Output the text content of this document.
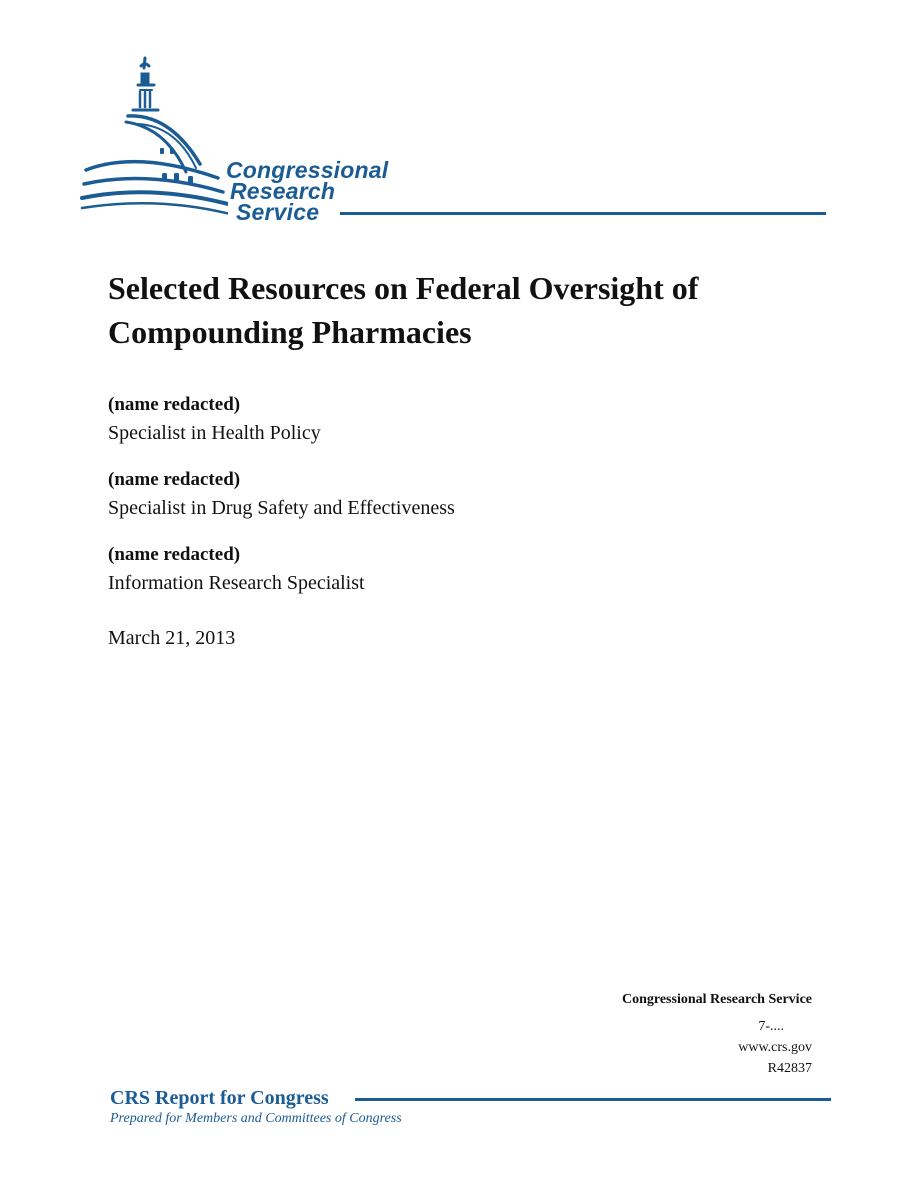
Congressional
Research
Service
Selected Resources on Federal Oversight of Compounding Pharmacies
(name redacted)
Specialist in Health Policy
(name redacted)
Specialist in Drug Safety and Effectiveness
(name redacted)
Information Research Specialist
March 21, 2013
Congressional Research Service
7-....
www.crs.gov
R42837
CRS Report for Congress
Prepared for Members and Committees of Congress
